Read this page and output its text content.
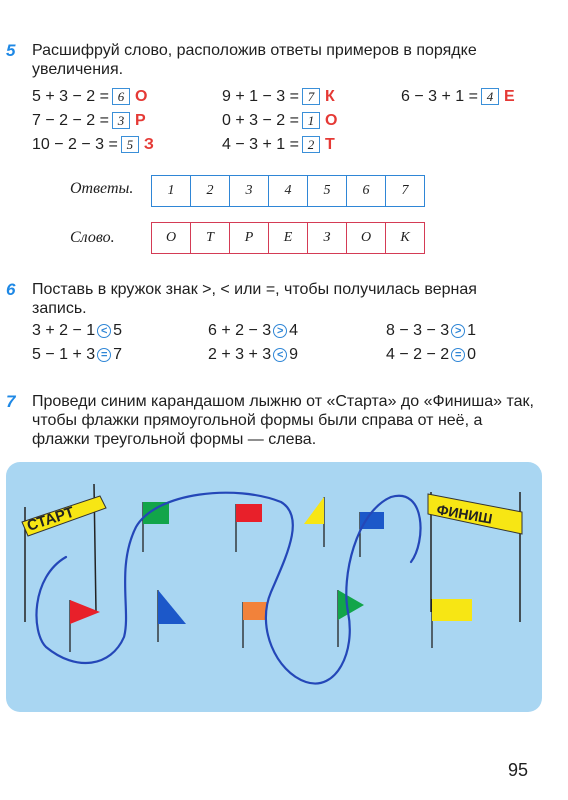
5 Расшифруй слово, расположив ответы примеров в порядке увеличения.
5 + 3 − 2 = 6 О	9 + 1 − 3 = 7 К	6 − 3 + 1 = 4 Е
7 − 2 − 2 = 3 Р	0 + 3 − 2 = 1 О
10 − 2 − 3 = 5 З	4 − 3 + 1 = 2 Т
Ответы. 1	2	3	4	5	6	7
Слово.	О	Т	Р	Е	З	О	К
6 Поставь в кружок знак >, < или =, чтобы получилась верная запись.
3 + 2 − 1 < 5	6 + 2 − 3 > 4	8 − 3 − 3 > 1
5 − 1 + 3 = 7	2 + 3 + 3 < 9	4 − 2 − 2 = 0
7 Проведи синим карандашом лыжню от «Старта» до «Финиша» так, чтобы флажки прямоугольной формы были справа от неё, а флажки треугольной формы — слева.
СТАРТ	ФИНИШ
95
